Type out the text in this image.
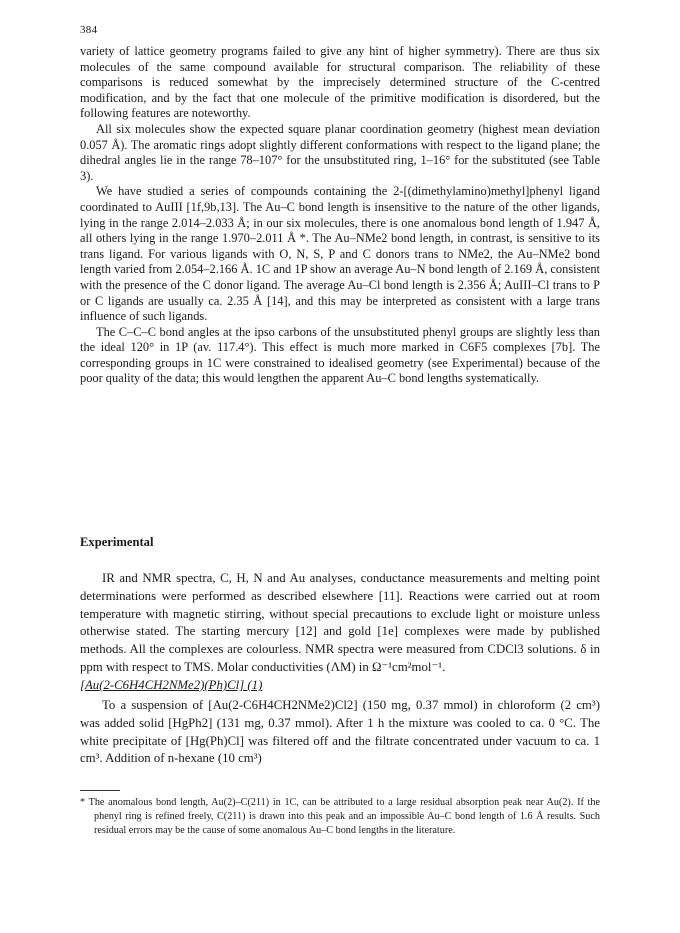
384

variety of lattice geometry programs failed to give any hint of higher symmetry). There are thus six molecules of the same compound available for structural comparison. The reliability of these comparisons is reduced somewhat by the imprecisely determined structure of the C-centred modification, and by the fact that one molecule of the primitive modification is disordered, but the following features are noteworthy.

All six molecules show the expected square planar coordination geometry (highest mean deviation 0.057 Å). The aromatic rings adopt slightly different conformations with respect to the ligand plane; the dihedral angles lie in the range 78–107° for the unsubstituted ring, 1–16° for the substituted (see Table 3).

We have studied a series of compounds containing the 2-[(dimethylamino)methyl]phenyl ligand coordinated to AuIII [1f,9b,13]. The Au–C bond length is insensitive to the nature of the other ligands, lying in the range 2.014–2.033 Å; in our six molecules, there is one anomalous bond length of 1.947 Å, all others lying in the range 1.970–2.011 Å *. The Au–NMe2 bond length, in contrast, is sensitive to its trans ligand. For various ligands with O, N, S, P and C donors trans to NMe2, the Au–NMe2 bond length varied from 2.054–2.166 Å. 1C and 1P show an average Au–N bond length of 2.169 Å, consistent with the presence of the C donor ligand. The average Au–Cl bond length is 2.356 Å; AuIII–Cl trans to P or C ligands are usually ca. 2.35 Å [14], and this may be interpreted as consistent with a large trans influence of such ligands.

The C–C–C bond angles at the ipso carbons of the unsubstituted phenyl groups are slightly less than the ideal 120° in 1P (av. 117.4°). This effect is much more marked in C6F5 complexes [7b]. The corresponding groups in 1C were constrained to idealised geometry (see Experimental) because of the poor quality of the data; this would lengthen the apparent Au–C bond lengths systematically.

Experimental

IR and NMR spectra, C, H, N and Au analyses, conductance measurements and melting point determinations were performed as described elsewhere [11]. Reactions were carried out at room temperature with magnetic stirring, without special precautions to exclude light or moisture unless otherwise stated. The starting mercury [12] and gold [1e] complexes were made by published methods. All the complexes are colourless. NMR spectra were measured from CDCl3 solutions. δ in ppm with respect to TMS. Molar conductivities (ΛM) in Ω⁻¹cm²mol⁻¹.

[Au(2-C6H4CH2NMe2)(Ph)Cl] (1)

To a suspension of [Au(2-C6H4CH2NMe2)Cl2] (150 mg, 0.37 mmol) in chloroform (2 cm³) was added solid [HgPh2] (131 mg, 0.37 mmol). After 1 h the mixture was cooled to ca. 0 °C. The white precipitate of [Hg(Ph)Cl] was filtered off and the filtrate concentrated under vacuum to ca. 1 cm³. Addition of n-hexane (10 cm³)

* The anomalous bond length, Au(2)–C(211) in 1C, can be attributed to a large residual absorption peak near Au(2). If the phenyl ring is refined freely, C(211) is drawn into this peak and an impossible Au–C bond length of 1.6 Å results. Such residual errors may be the cause of some anomalous Au–C bond lengths in the literature.
